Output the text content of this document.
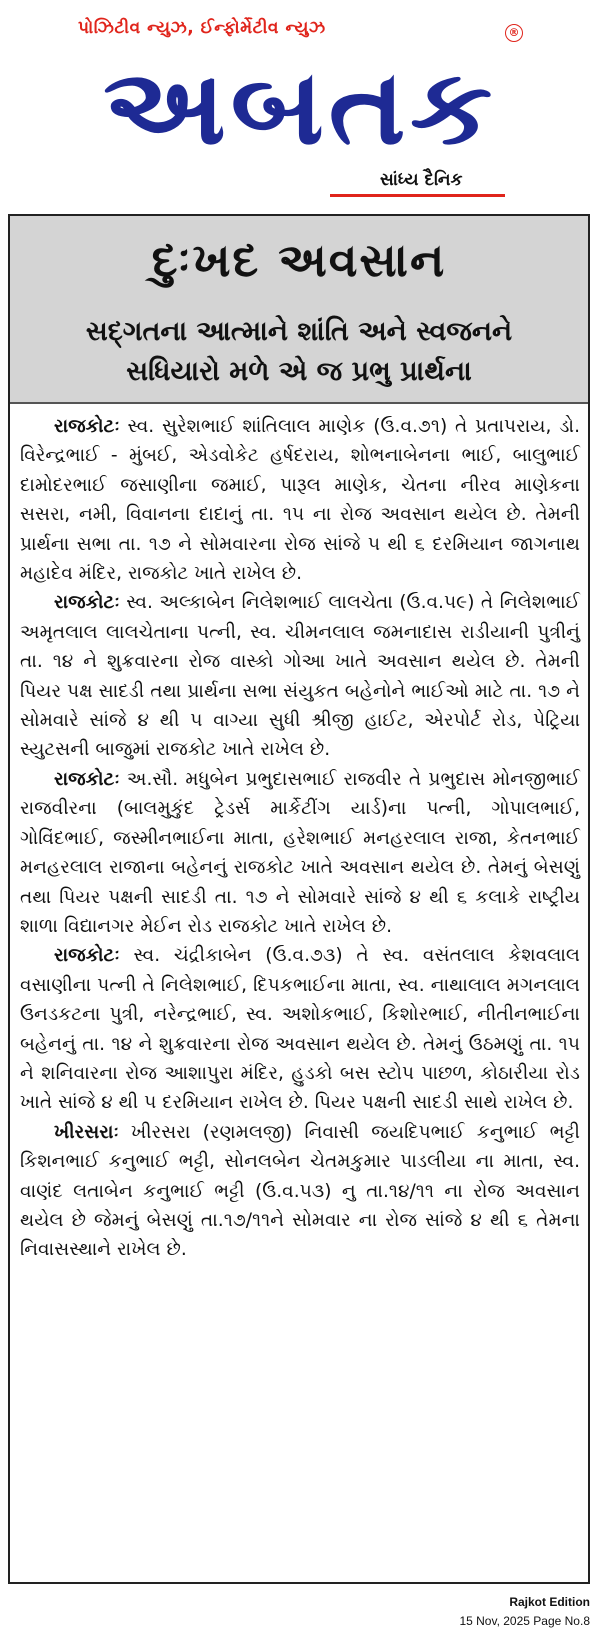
પોઝિટીવ ન્યુઝ, ઈન્ફોર્મેટીવ ન્યુઝ	®
અબતક
સાંધ્ય દૈનિક
દુઃખદ અવસાન
સદ્ગતના આત્માને શાંતિ અને સ્વજનને
સધિયારો મળે એ જ પ્રભુ પ્રાર્થના

રાજકોટઃ સ્વ. સુરેશભાઈ શાંતિલાલ માણેક (ઉ.વ.૭૧) તે પ્રતાપરાય, ડો. વિરેન્દ્રભાઈ - મુંબઈ, એડવોકેટ હર્ષદરાય, શોભનાબેનના ભાઈ, બાલુભાઈ દામોદરભાઈ જસાણીના જમાઈ, પારૂલ માણેક, ચેતના નીરવ માણેકના સસરા, નમી, વિવાનના દાદાનું તા. ૧૫ ના રોજ અવસાન થયેલ છે. તેમની પ્રાર્થના સભા તા. ૧૭ ને સોમવારના રોજ સાંજે ૫ થી ૬ દરમિયાન જાગનાથ મહાદેવ મંદિર, રાજકોટ ખાતે રાખેલ છે.

રાજકોટઃ સ્વ. અલ્કાબેન નિલેશભાઈ લાલચેતા (ઉ.વ.૫૯) તે નિલેશભાઈ અમૃતલાલ લાલચેતાના પત્ની, સ્વ. ચીમનલાલ જમનાદાસ રાડીયાની પુત્રીનું તા. ૧૪ ને શુક્રવારના રોજ વાસ્કો ગોઆ ખાતે અવસાન થયેલ છે. તેમની પિયર પક્ષ સાદડી તથા પ્રાર્થના સભા સંયુકત બહેનોને ભાઈઓ માટે તા. ૧૭ ને સોમવારે સાંજે ૪ થી ૫ વાગ્યા સુધી શ્રીજી હાઈટ, એરપોર્ટ રોડ, પેટ્રિયા સ્યુટસની બાજુમાં રાજકોટ ખાતે રાખેલ છે.

રાજકોટઃ અ.સૌ. મધુબેન પ્રભુદાસભાઈ રાજવીર તે પ્રભુદાસ મોનજીભાઈ રાજવીરના (બાલમુકુંદ ટ્રેડર્સ માર્કેટીંગ યાર્ડ)ના પત્ની, ગોપાલભાઈ, ગોવિંદભાઈ, જસ્મીનભાઈના માતા, હરેશભાઈ મનહરલાલ રાજા, કેતનભાઈ મનહરલાલ રાજાના બહેનનું રાજકોટ ખાતે અવસાન થયેલ છે. તેમનું બેસણું તથા પિયર પક્ષની સાદડી તા. ૧૭ ને સોમવારે સાંજે ૪ થી ૬ કલાકે રાષ્ટ્રીય શાળા વિદ્યાનગર મેઈન રોડ રાજકોટ ખાતે રાખેલ છે.

રાજકોટઃ સ્વ. ચંદ્રીકાબેન (ઉ.વ.૭૩) તે સ્વ. વસંતલાલ કેશવલાલ વસાણીના પત્ની તે નિલેશભાઈ, દિપકભાઈના માતા, સ્વ. નાથાલાલ મગનલાલ ઉનડકટના પુત્રી, નરેન્દ્રભાઈ, સ્વ. અશોકભાઈ, કિશોરભાઈ, નીતીનભાઈના બહેનનું તા. ૧૪ ને શુક્રવારના રોજ અવસાન થયેલ છે. તેમનું ઉઠમણું તા. ૧૫ ને શનિવારના રોજ આશાપુરા મંદિર, હુડકો બસ સ્ટોપ પાછળ, કોઠારીયા રોડ ખાતે સાંજે ૪ થી ૫ દરમિયાન રાખેલ છે. પિયર પક્ષની સાદડી સાથે રાખેલ છે.

ખીરસરાઃ ખીરસરા (રણમલજી) નિવાસી જયદિપભાઈ કનુભાઈ ભટ્ટી કિશનભાઈ કનુભાઈ ભટ્ટી, સોનલબેન ચેતમકુમાર પાડલીયા ના માતા, સ્વ. વાણંદ લતાબેન કનુભાઈ ભટ્ટી (ઉ.વ.૫૩) નુ તા.૧૪/૧૧ ના રોજ અવસાન થયેલ છે જેમનું બેસણું તા.૧૭/૧૧ને સોમવાર ના રોજ સાંજે ૪ થી ૬ તેમના નિવાસસ્થાને રાખેલ છે.

Rajkot Edition
15 Nov, 2025 Page No.8
